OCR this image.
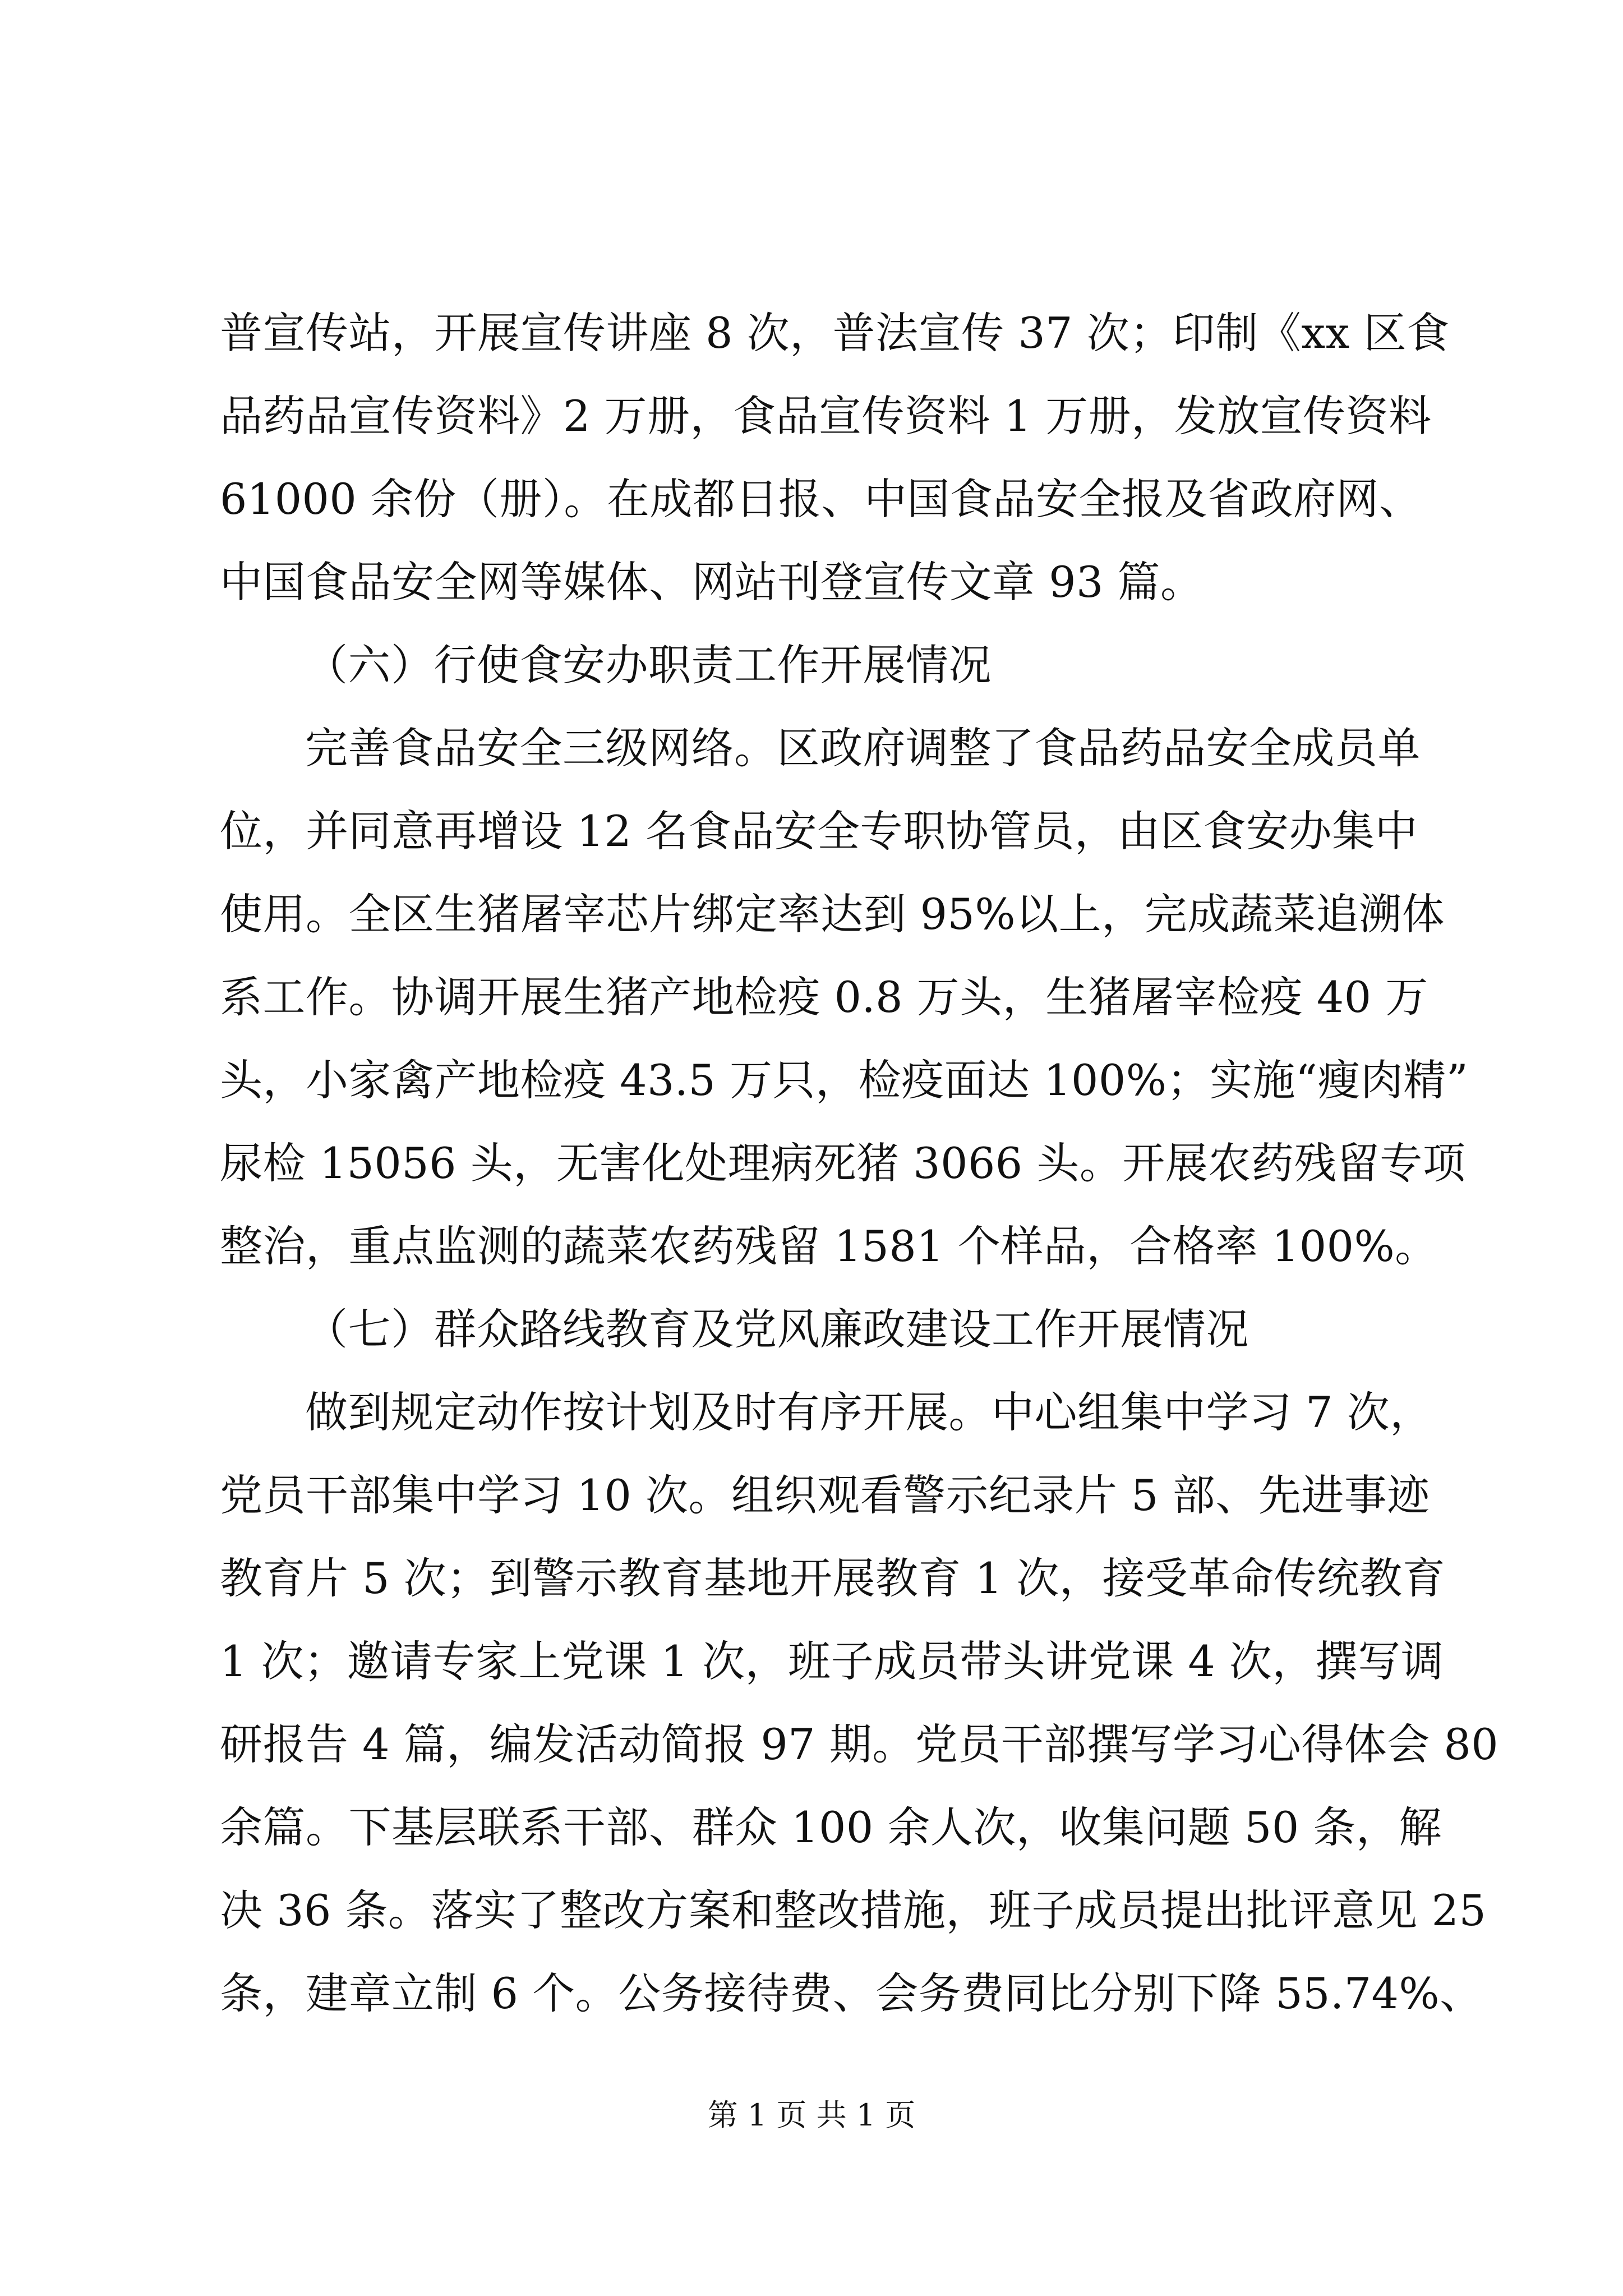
普宣传站，开展宣传讲座 8 次，普法宣传 37 次；印制《xx 区食
品药品宣传资料》2 万册，食品宣传资料 1 万册，发放宣传资料
61000 余份（册）。在成都日报、中国食品安全报及省政府网、
中国食品安全网等媒体、网站刊登宣传文章 93 篇。
（六）行使食安办职责工作开展情况
完善食品安全三级网络。区政府调整了食品药品安全成员单
位，并同意再增设 12 名食品安全专职协管员，由区食安办集中
使用。全区生猪屠宰芯片绑定率达到 95%以上，完成蔬菜追溯体
系工作。协调开展生猪产地检疫 0.8 万头，生猪屠宰检疫 40 万
头，小家禽产地检疫 43.5 万只，检疫面达 100%；实施“瘦肉精”
尿检 15056 头，无害化处理病死猪 3066 头。开展农药残留专项
整治，重点监测的蔬菜农药残留 1581 个样品，合格率 100%。
（七）群众路线教育及党风廉政建设工作开展情况
做到规定动作按计划及时有序开展。中心组集中学习 7 次，
党员干部集中学习 10 次。组织观看警示纪录片 5 部、先进事迹
教育片 5 次；到警示教育基地开展教育 1 次，接受革命传统教育
1 次；邀请专家上党课 1 次，班子成员带头讲党课 4 次，撰写调
研报告 4 篇，编发活动简报 97 期。党员干部撰写学习心得体会 80
余篇。下基层联系干部、群众 100 余人次，收集问题 50 条，解
决 36 条。落实了整改方案和整改措施，班子成员提出批评意见 25
条，建章立制 6 个。公务接待费、会务费同比分别下降 55.74%、
第 1 页 共 1 页
